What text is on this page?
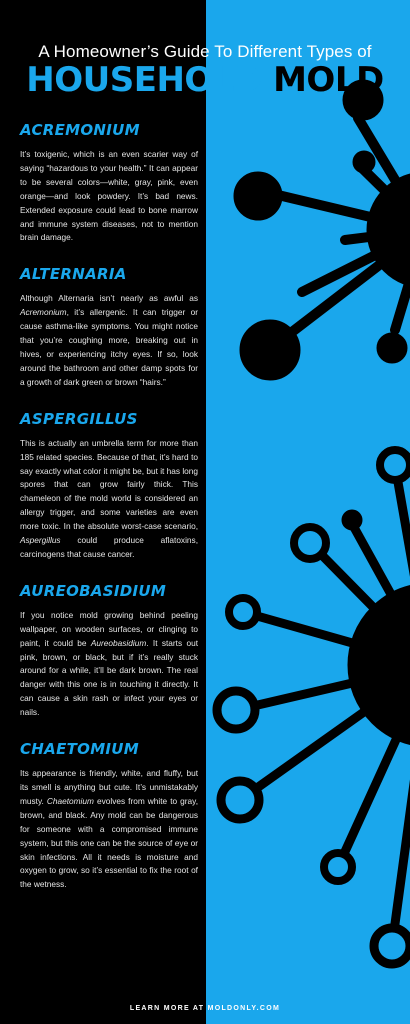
A Homeowner’s Guide To Different Types of
HOUSEHOLD MOLD
ACREMONIUM

It’s toxigenic, which is an even scarier way of saying “hazardous to your health.” It can appear to be several colors—white, gray, pink, even orange—and look powdery. It’s bad news. Extended exposure could lead to bone marrow and immune system diseases, not to mention brain damage.

ALTERNARIA

Although Alternaria isn’t nearly as awful as Acremonium, it’s allergenic. It can trigger or cause asthma-like symptoms. You might notice that you’re coughing more, breaking out in hives, or experiencing itchy eyes. If so, look around the bathroom and other damp spots for a growth of dark green or brown “hairs.”

ASPERGILLUS

This is actually an umbrella term for more than 185 related species. Because of that, it’s hard to say exactly what color it might be, but it has long spores that can grow fairly thick. This chameleon of the mold world is considered an allergy trigger, and some varieties are even more toxic. In the absolute worst-case scenario, Aspergillus could produce aflatoxins, carcinogens that cause cancer.

AUREOBASIDIUM

If you notice mold growing behind peeling wallpaper, on wooden surfaces, or clinging to paint, it could be Aureobasidium. It starts out pink, brown, or black, but if it’s really stuck around for a while, it’ll be dark brown. The real danger with this one is in touching it directly. It can cause a skin rash or infect your eyes or nails.

CHAETOMIUM

Its appearance is friendly, white, and fluffy, but its smell is anything but cute. It’s unmistakably musty. Chaetomium evolves from white to gray, brown, and black. Any mold can be dangerous for someone with a compromised immune system, but this one can be the source of eye or skin infections. All it needs is moisture and oxygen to grow, so it’s essential to fix the root of the wetness.

LEARN MORE AT MOLDONLY.COM
